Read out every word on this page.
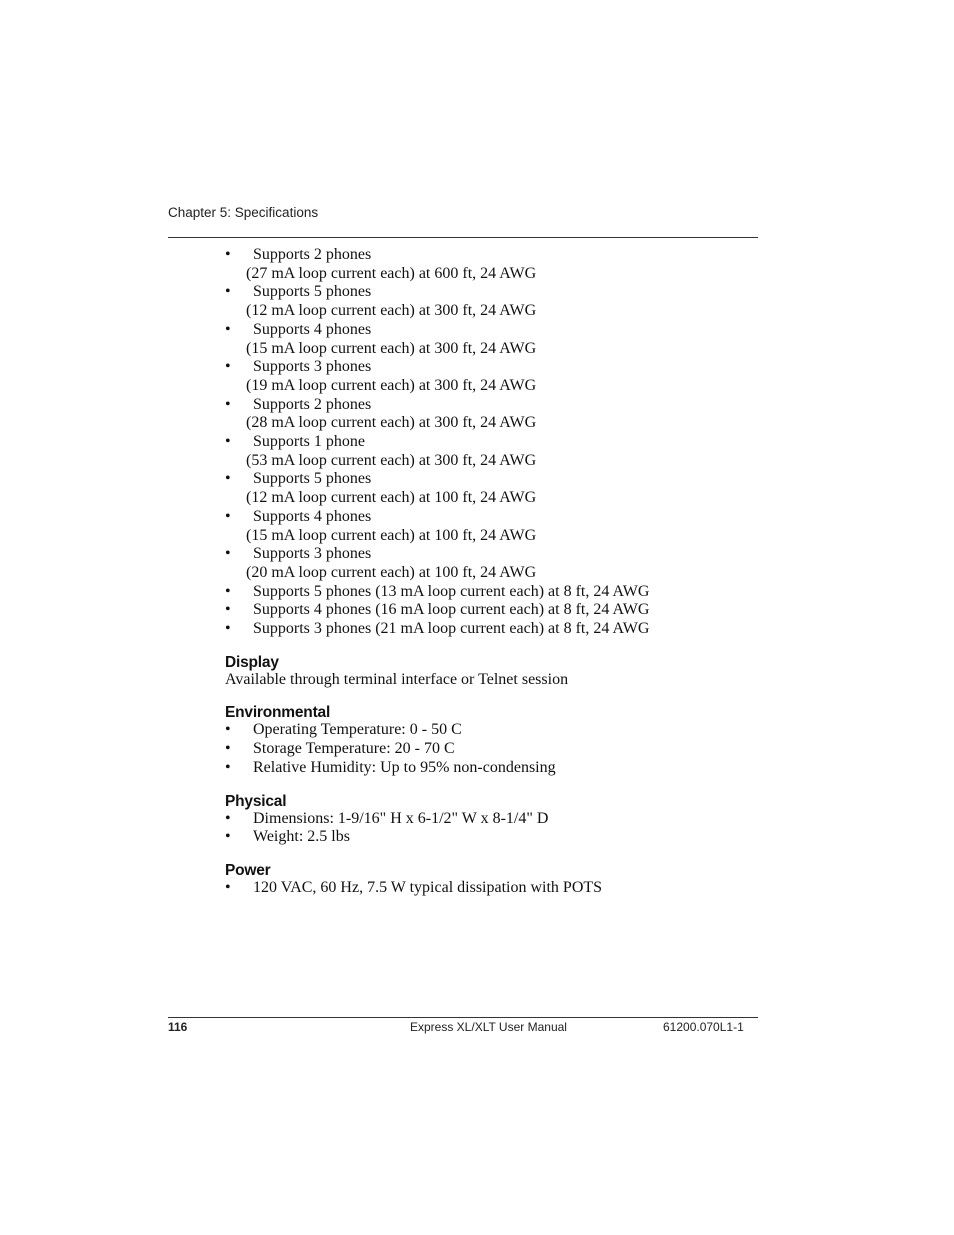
Chapter 5: Specifications
•	Supports 2 phones
(27 mA loop current each) at 600 ft, 24 AWG
•	Supports 5 phones
(12 mA loop current each) at 300 ft, 24 AWG
•	Supports 4 phones
(15 mA loop current each) at 300 ft, 24 AWG
•	Supports 3 phones
(19 mA loop current each) at 300 ft, 24 AWG
•	Supports 2 phones
(28 mA loop current each) at 300 ft, 24 AWG
•	Supports 1 phone
(53 mA loop current each) at 300 ft, 24 AWG
•	Supports 5 phones
(12 mA loop current each) at 100 ft, 24 AWG
•	Supports 4 phones
(15 mA loop current each) at 100 ft, 24 AWG
•	Supports 3 phones
(20 mA loop current each) at 100 ft, 24 AWG
•	Supports 5 phones (13 mA loop current each) at 8 ft, 24 AWG
•	Supports 4 phones (16 mA loop current each) at 8 ft, 24 AWG
•	Supports 3 phones (21 mA loop current each) at 8 ft, 24 AWG
Display
Available through terminal interface or Telnet session
Environmental
•	Operating Temperature: 0 - 50 C
•	Storage Temperature: 20 - 70 C
•	Relative Humidity: Up to 95% non-condensing
Physical
•	Dimensions: 1-9/16" H x 6-1/2" W x 8-1/4" D
•	Weight: 2.5 lbs
Power
•	120 VAC, 60 Hz, 7.5 W typical dissipation with POTS
116	Express XL/XLT User Manual	61200.070L1-1
